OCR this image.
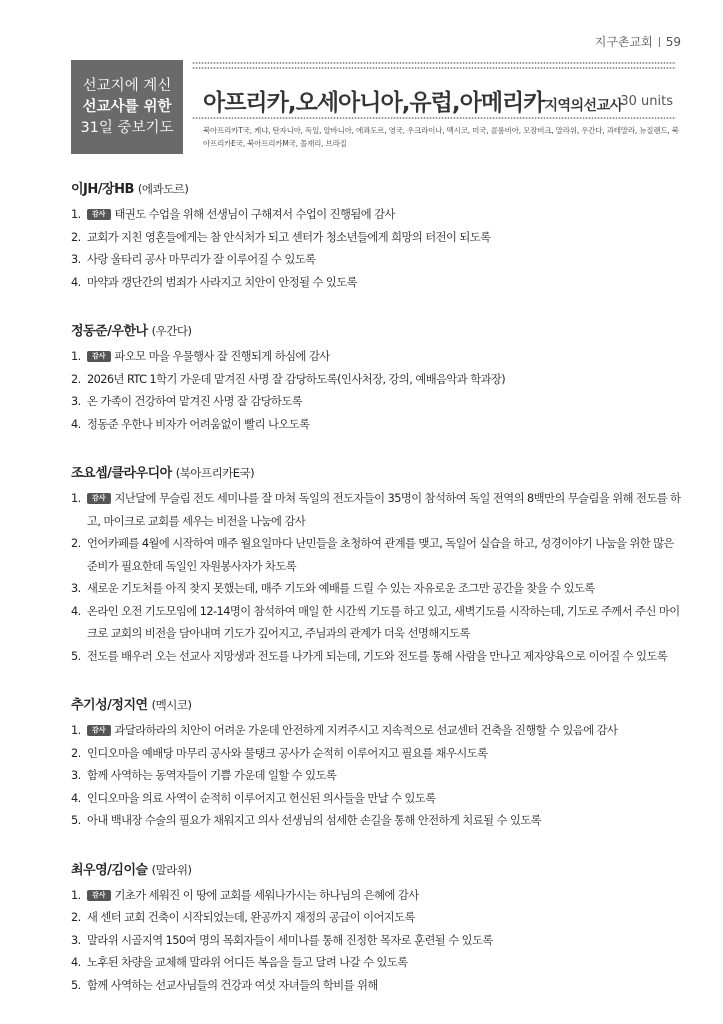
지구촌교회 59
선교지에 계신
선교사를 위한
31일 중보기도
아프리카,오세아니아,유럽,아메리카지역의선교사
30 units
북아프리카T국, 케냐, 탄자니아, 독일, 알바니아, 에콰도르, 영국, 우크라이나, 멕시코, 미국, 콜롬비아, 모잠비크, 말라위, 우간다, 과테말라, 뉴질랜드, 북아프리카E국, 북아프리카M국, 몰재리, 브라질
이JH/장HB (에콰도르)
1.	감사 태권도 수업을 위해 선생님이 구해져서 수업이 진행됨에 감사
2. 교회가 지친 영혼들에게는 참 안식처가 되고 센터가 청소년들에게 희망의 터전이 되도록
3. 사랑 울타리 공사 마무리가 잘 이루어질 수 있도록
4. 마약과 갱단간의 범죄가 사라지고 치안이 안정될 수 있도록
정동준/우한나 (우간다)
1.	감사 파오모 마을 우물행사 잘 진행되게 하심에 감사
2. 2026년 RTC 1학기 가운데 맡겨진 사명 잘 감당하도록(인사처장, 강의, 예배음악과 학과장)
3. 온 가족이 건강하여 맡겨진 사명 잘 감당하도록
4. 정동준 우한나 비자가 어려움없이 빨리 나오도록
조요셉/클라우디아 (북아프리카E국)
1.	감사 지난달에 무슬림 전도 세미나를 잘 마쳐 독일의 전도자들이 35명이 참석하여 독일 전역의 8백만의 무슬림을 위해 전도를 하고, 마이크로 교회를 세우는 비전을 나눔에 감사
2. 언어카페를 4월에 시작하여 매주 월요일마다 난민들을 초청하여 관계를 맺고, 독일어 실습을 하고, 성경이야기 나눔을 위한 많은 준비가 필요한데 독일인 자원봉사자가 차도록
3. 새로운 기도처를 아직 찾지 못했는데, 매주 기도와 예배를 드릴 수 있는 자유로운 조그만 공간을 찾을 수 있도록
4. 온라인 오전 기도모임에 12-14명이 참석하여 매일 한 시간씩 기도를 하고 있고, 새벽기도를 시작하는데, 기도로 주께서 주신 마이크로 교회의 비전을 담아내며 기도가 깊어지고, 주님과의 관계가 더욱 선명해지도록
5. 전도를 배우러 오는 선교사 지망생과 전도를 나가게 되는데, 기도와 전도를 통해 사람을 만나고 제자양육으로 이어질 수 있도록
추기성/정지연 (멕시코)
1.	감사 과달라하라의 치안이 어려운 가운데 안전하게 지켜주시고 지속적으로 선교센터 건축을 진행할 수 있음에 감사
2. 인디오마을 예배당 마무리 공사와 물탱크 공사가 순적히 이루어지고 필요를 채우시도록
3. 함께 사역하는 동역자들이 기쁨 가운데 일할 수 있도록
4. 인디오마을 의료 사역이 순적히 이루어지고 헌신된 의사들을 만날 수 있도록
5. 아내 백내장 수술의 필요가 채워지고 의사 선생님의 섬세한 손길을 통해 안전하게 치료될 수 있도록
최우영/김이슬 (말라위)
1.	감사 기초가 세워진 이 땅에 교회를 세워나가시는 하나님의 은혜에 감사
2. 새 센터 교회 건축이 시작되었는데, 완공까지 재정의 공급이 이어지도록
3. 말라위 시골지역 150여 명의 목회자들이 세미나를 통해 진정한 목자로 훈련될 수 있도록
4. 노후된 차량을 교체해 말라위 어디든 복음을 들고 달려 나갈 수 있도록
5. 함께 사역하는 선교사님들의 건강과 여섯 자녀들의 학비를 위해
